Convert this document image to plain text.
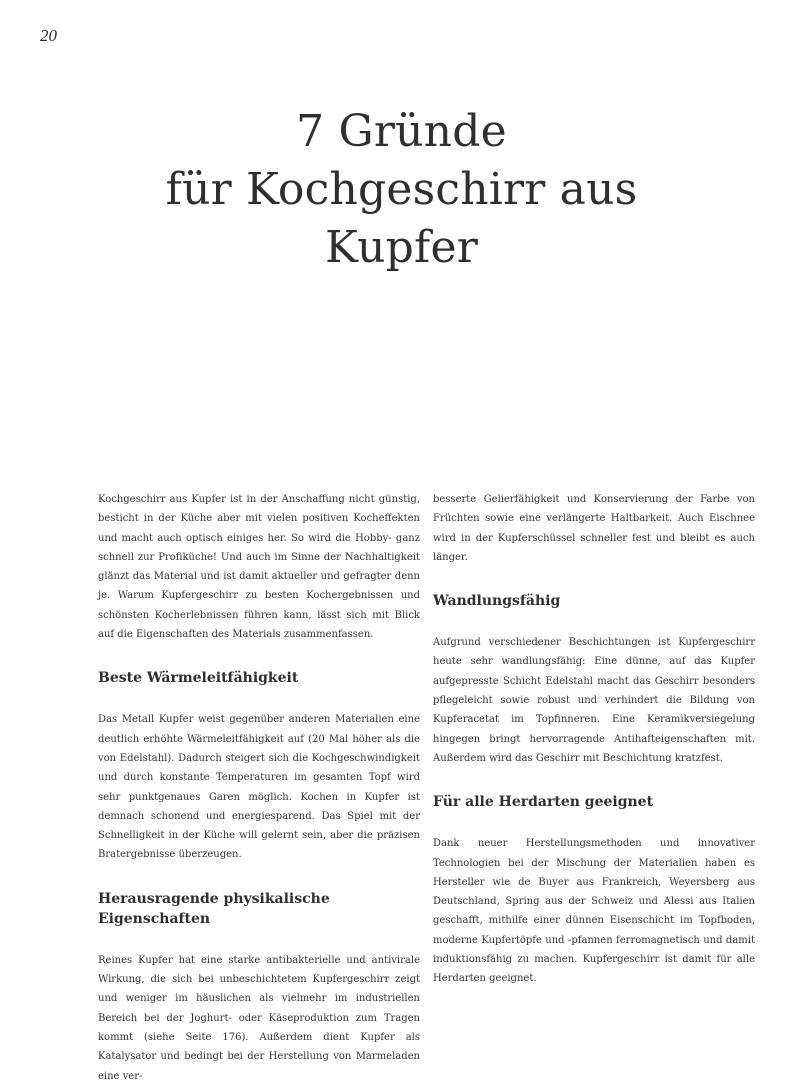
20
7 Gründe
für Kochgeschirr aus
Kupfer

Kochgeschirr aus Kupfer ist in der Anschaffung nicht günstig, besticht in der Küche aber mit vielen positiven Kocheffekten und macht auch optisch einiges her. So wird die Hobby- ganz schnell zur Profiküche! Und auch im Sinne der Nachhaltigkeit glänzt das Material und ist damit aktueller und gefragter denn je. Warum Kupfergeschirr zu besten Kochergebnissen und schönsten Kocherlebnissen führen kann, lässt sich mit Blick auf die Eigenschaften des Materials zusammenfassen.

Beste Wärmeleitfähigkeit

Das Metall Kupfer weist gegenüber anderen Materialien eine deutlich erhöhte Wärmeleitfähigkeit auf (20 Mal höher als die von Edelstahl). Dadurch steigert sich die Kochgeschwindigkeit und durch konstante Temperaturen im gesamten Topf wird sehr punktgenaues Garen möglich. Kochen in Kupfer ist demnach schonend und energiesparend. Das Spiel mit der Schnelligkeit in der Küche will gelernt sein, aber die präzisen Bratergebnisse überzeugen.

Herausragende physikalische Eigenschaften

Reines Kupfer hat eine starke antibakterielle und antivirale Wirkung, die sich bei unbeschichtetem Kupfergeschirr zeigt und weniger im häuslichen als vielmehr im industriellen Bereich bei der Joghurt- oder Käseproduktion zum Tragen kommt (siehe Seite 176). Außerdem dient Kupfer als Katalysator und bedingt bei der Herstellung von Marmeladen eine ver-

besserte Gelierfähigkeit und Konservierung der Farbe von Früchten sowie eine verlängerte Haltbarkeit. Auch Eischnee wird in der Kupferschüssel schneller fest und bleibt es auch länger.

Wandlungsfähig

Aufgrund verschiedener Beschichtungen ist Kupfergeschirr heute sehr wandlungsfähig: Eine dünne, auf das Kupfer aufgepresste Schicht Edelstahl macht das Geschirr besonders pflegeleicht sowie robust und verhindert die Bildung von Kupferacetat im Topfinneren. Eine Keramikversiegelung hingegen bringt hervorragende Antihafteigenschaften mit. Außerdem wird das Geschirr mit Beschichtung kratzfest.

Für alle Herdarten geeignet

Dank neuer Herstellungsmethoden und innovativer Technologien bei der Mischung der Materialien haben es Hersteller wie de Buyer aus Frankreich, Weyersberg aus Deutschland, Spring aus der Schweiz und Alessi aus Italien geschafft, mithilfe einer dünnen Eisenschicht im Topfboden, moderne Kupfertöpfe und -pfannen ferromagnetisch und damit induktionsfähig zu machen. Kupfergeschirr ist damit für alle Herdarten geeignet.
